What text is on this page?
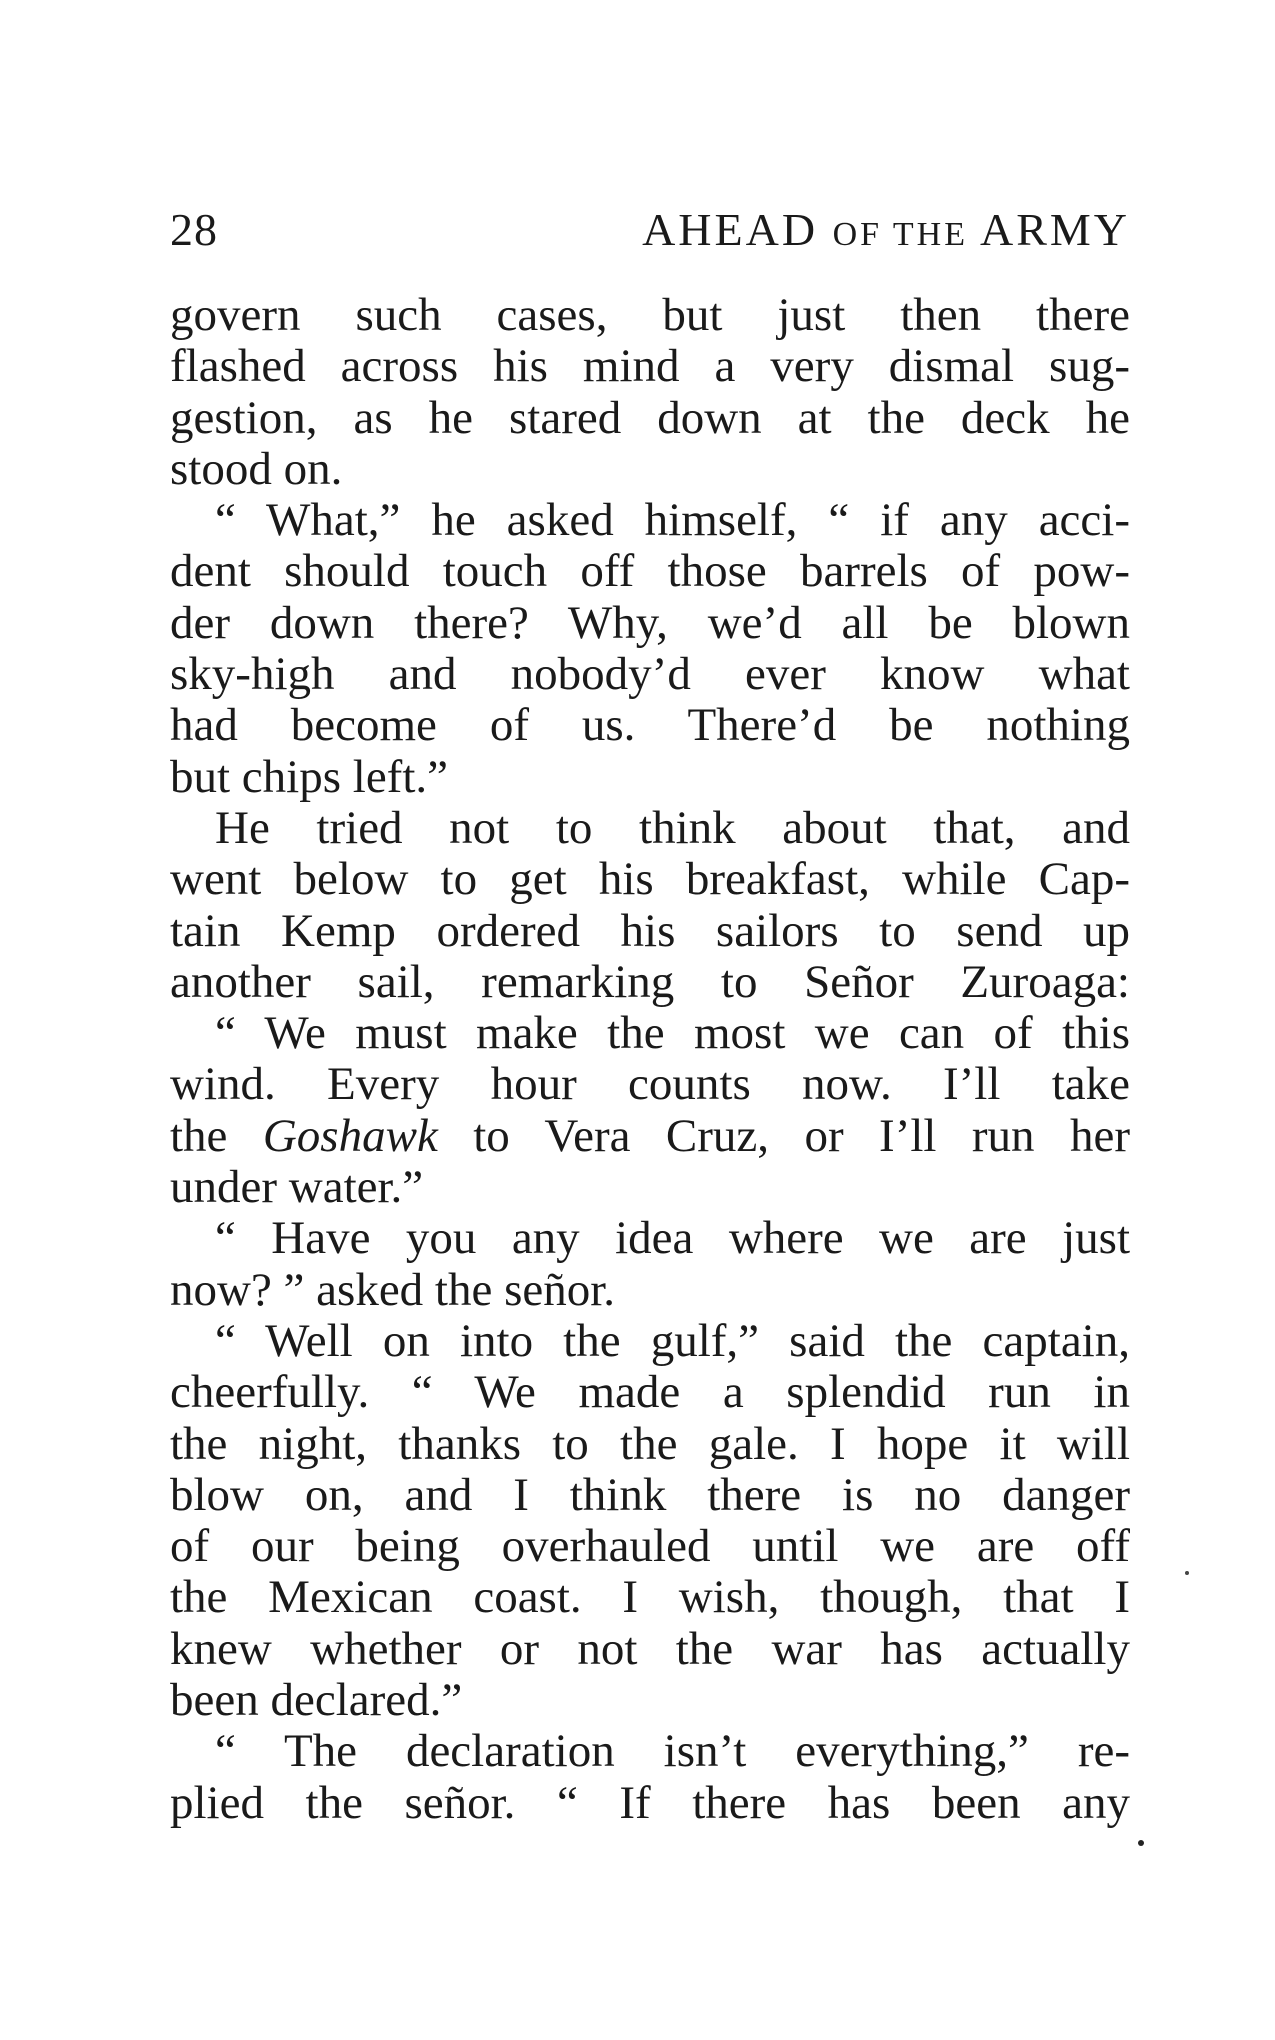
28	AHEAD OF THE ARMY
govern such cases, but just then there
flashed across his mind a very dismal sug-
gestion, as he stared down at the deck he
stood on.
“ What,” he asked himself, “ if any acci-
dent should touch off those barrels of pow-
der down there? Why, we’d all be blown
sky-high and nobody’d ever know what
had become of us. There’d be nothing
but chips left.”
He tried not to think about that, and
went below to get his breakfast, while Cap-
tain Kemp ordered his sailors to send up
another sail, remarking to Señor Zuroaga:
“ We must make the most we can of this
wind. Every hour counts now. I’ll take
the Goshawk to Vera Cruz, or I’ll run her
under water.”
“ Have you any idea where we are just
now? ” asked the señor.
“ Well on into the gulf,” said the captain,
cheerfully. “ We made a splendid run in
the night, thanks to the gale. I hope it will
blow on, and I think there is no danger
of our being overhauled until we are off
the Mexican coast. I wish, though, that I
knew whether or not the war has actually
been declared.”
“ The declaration isn’t everything,” re-
plied the señor. “ If there has been any
